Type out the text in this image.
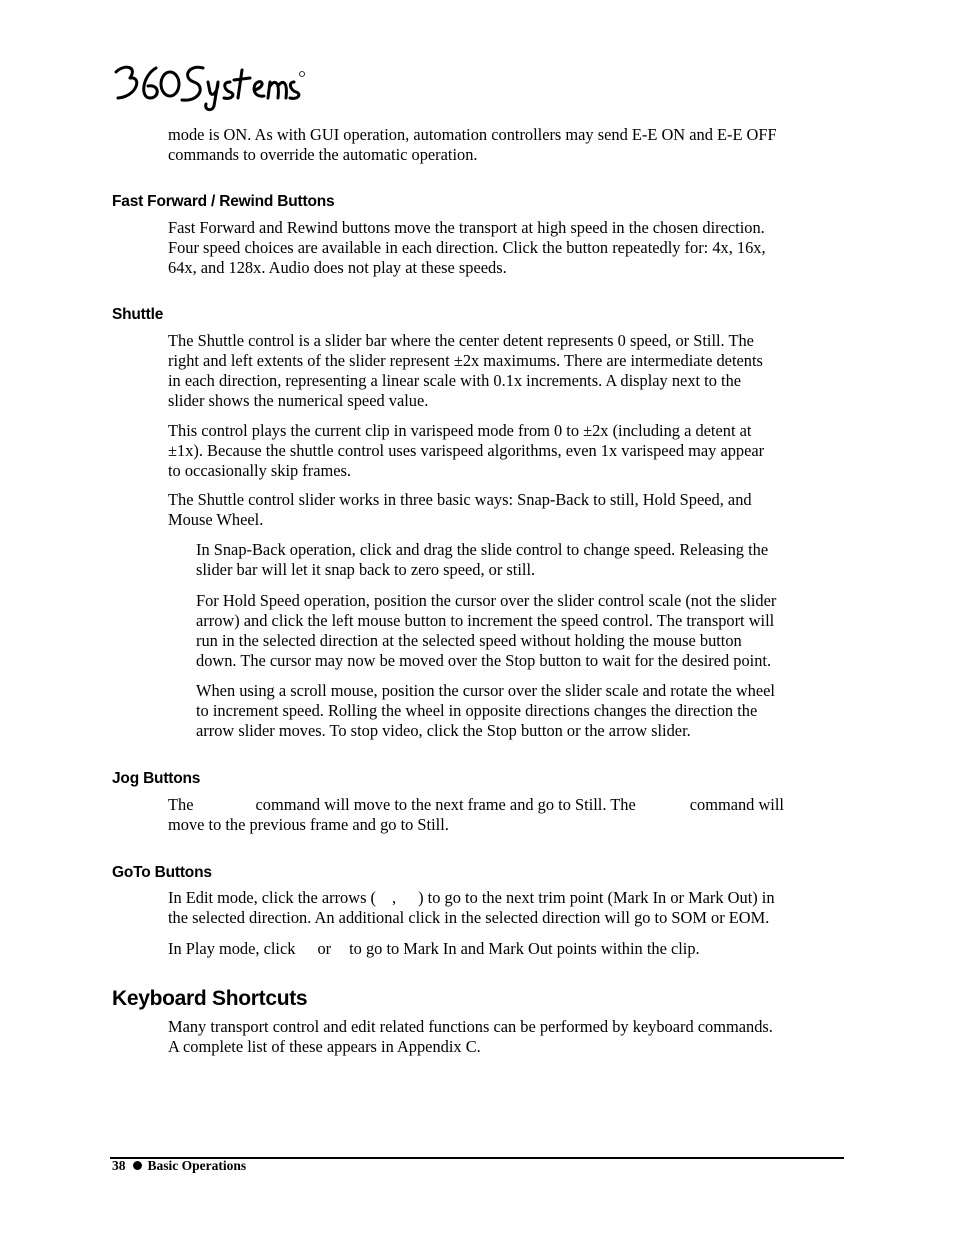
mode is ON. As with GUI operation, automation controllers may send E-E ON and E-E OFF
commands to override the automatic operation.

Fast Forward / Rewind Buttons

Fast Forward and Rewind buttons move the transport at high speed in the chosen direction.
Four speed choices are available in each direction. Click the button repeatedly for: 4x, 16x,
64x, and 128x. Audio does not play at these speeds.

Shuttle

The Shuttle control is a slider bar where the center detent represents 0 speed, or Still. The
right and left extents of the slider represent ±2x maximums. There are intermediate detents
in each direction, representing a linear scale with 0.1x increments. A display next to the
slider shows the numerical speed value.

This control plays the current clip in varispeed mode from 0 to ±2x (including a detent at
±1x). Because the shuttle control uses varispeed algorithms, even 1x varispeed may appear
to occasionally skip frames.

The Shuttle control slider works in three basic ways: Snap-Back to still, Hold Speed, and
Mouse Wheel.

In Snap-Back operation, click and drag the slide control to change speed. Releasing the
slider bar will let it snap back to zero speed, or still.

For Hold Speed operation, position the cursor over the slider control scale (not the slider
arrow) and click the left mouse button to increment the speed control. The transport will
run in the selected direction at the selected speed without holding the mouse button
down. The cursor may now be moved over the Stop button to wait for the desired point.

When using a scroll mouse, position the cursor over the slider scale and rotate the wheel
to increment speed. Rolling the wheel in opposite directions changes the direction the
arrow slider moves. To stop video, click the Stop button or the arrow slider.

Jog Buttons

The	command will move to the next frame and go to Still. The	command will
move to the previous frame and go to Still.

GoTo Buttons

In Edit mode, click the arrows ( , ) to go to the next trim point (Mark In or Mark Out) in
the selected direction. An additional click in the selected direction will go to SOM or EOM.

In Play mode, click or to go to Mark In and Mark Out points within the clip.

Keyboard Shortcuts

Many transport control and edit related functions can be performed by keyboard commands.
A complete list of these appears in Appendix C.

38 Basic Operations
